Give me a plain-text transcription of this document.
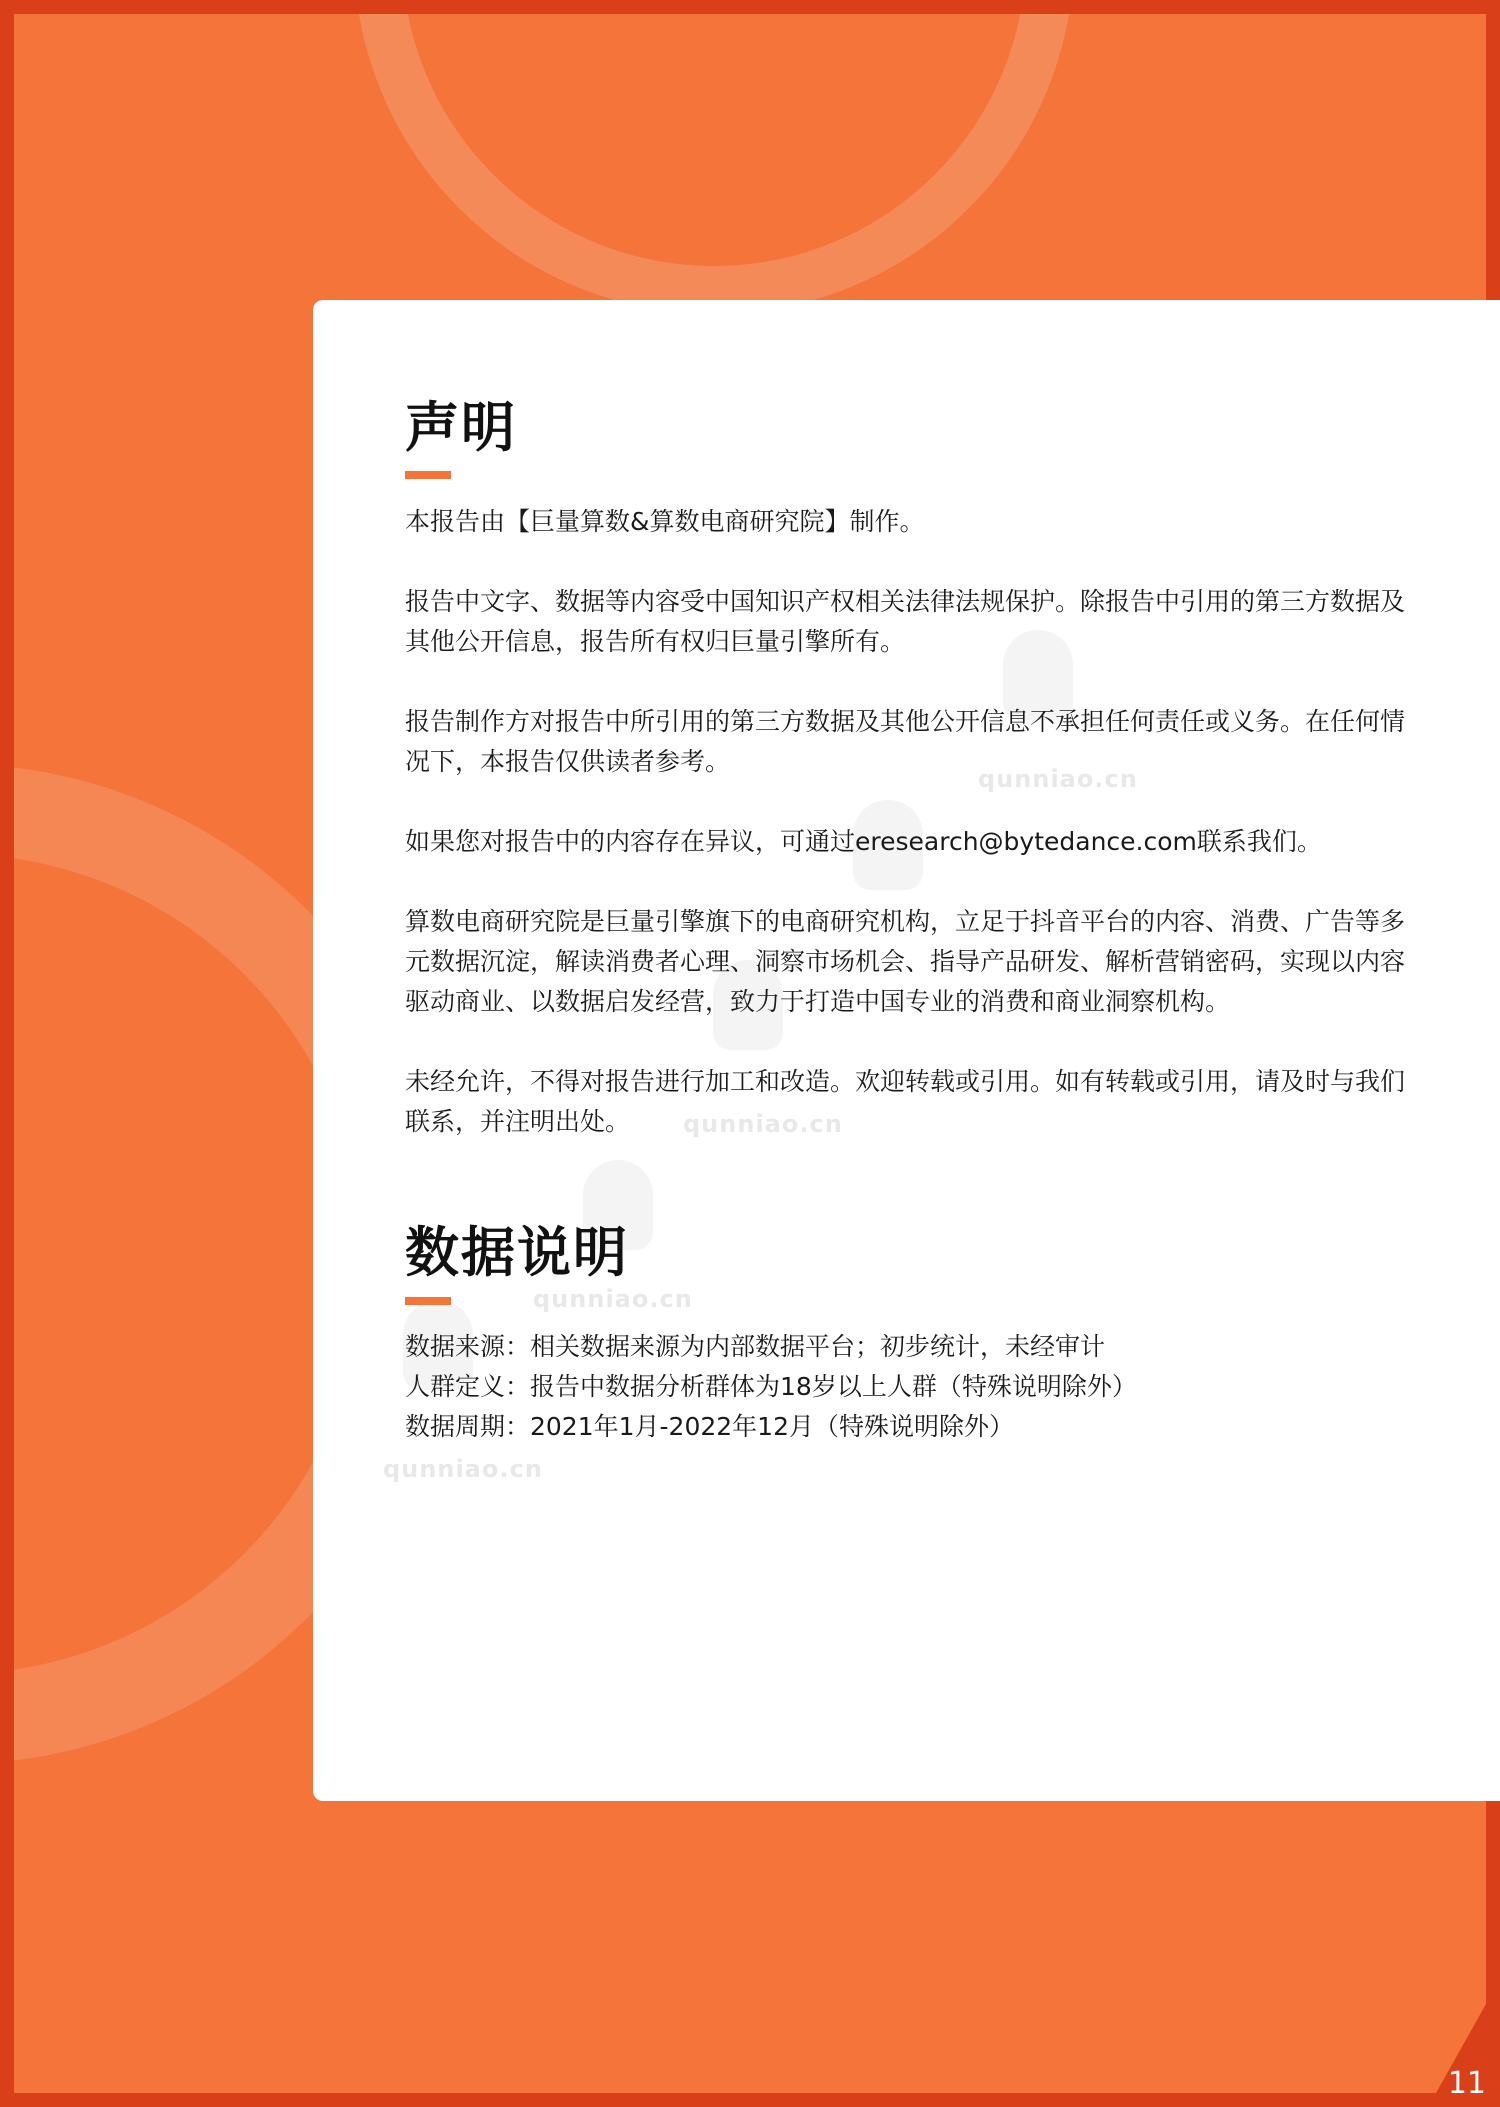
qunniao.cn
qunniao.cn
qunniao.cn
qunniao.cn
声明

本报告由【巨量算数&算数电商研究院】制作。

报告中文字、数据等内容受中国知识产权相关法律法规保护。除报告中引用的第三方数据及其他公开信息，报告所有权归巨量引擎所有。

报告制作方对报告中所引用的第三方数据及其他公开信息不承担任何责任或义务。在任何情况下，本报告仅供读者参考。

如果您对报告中的内容存在异议，可通过eresearch@bytedance.com联系我们。

算数电商研究院是巨量引擎旗下的电商研究机构，立足于抖音平台的内容、消费、广告等多元数据沉淀，解读消费者心理、洞察市场机会、指导产品研发、解析营销密码，实现以内容驱动商业、以数据启发经营，致力于打造中国专业的消费和商业洞察机构。

未经允许，不得对报告进行加工和改造。欢迎转载或引用。如有转载或引用，请及时与我们联系，并注明出处。

数据说明

数据来源：相关数据来源为内部数据平台；初步统计，未经审计

人群定义：报告中数据分析群体为18岁以上人群（特殊说明除外）

数据周期：2021年1月-2022年12月（特殊说明除外）

11
